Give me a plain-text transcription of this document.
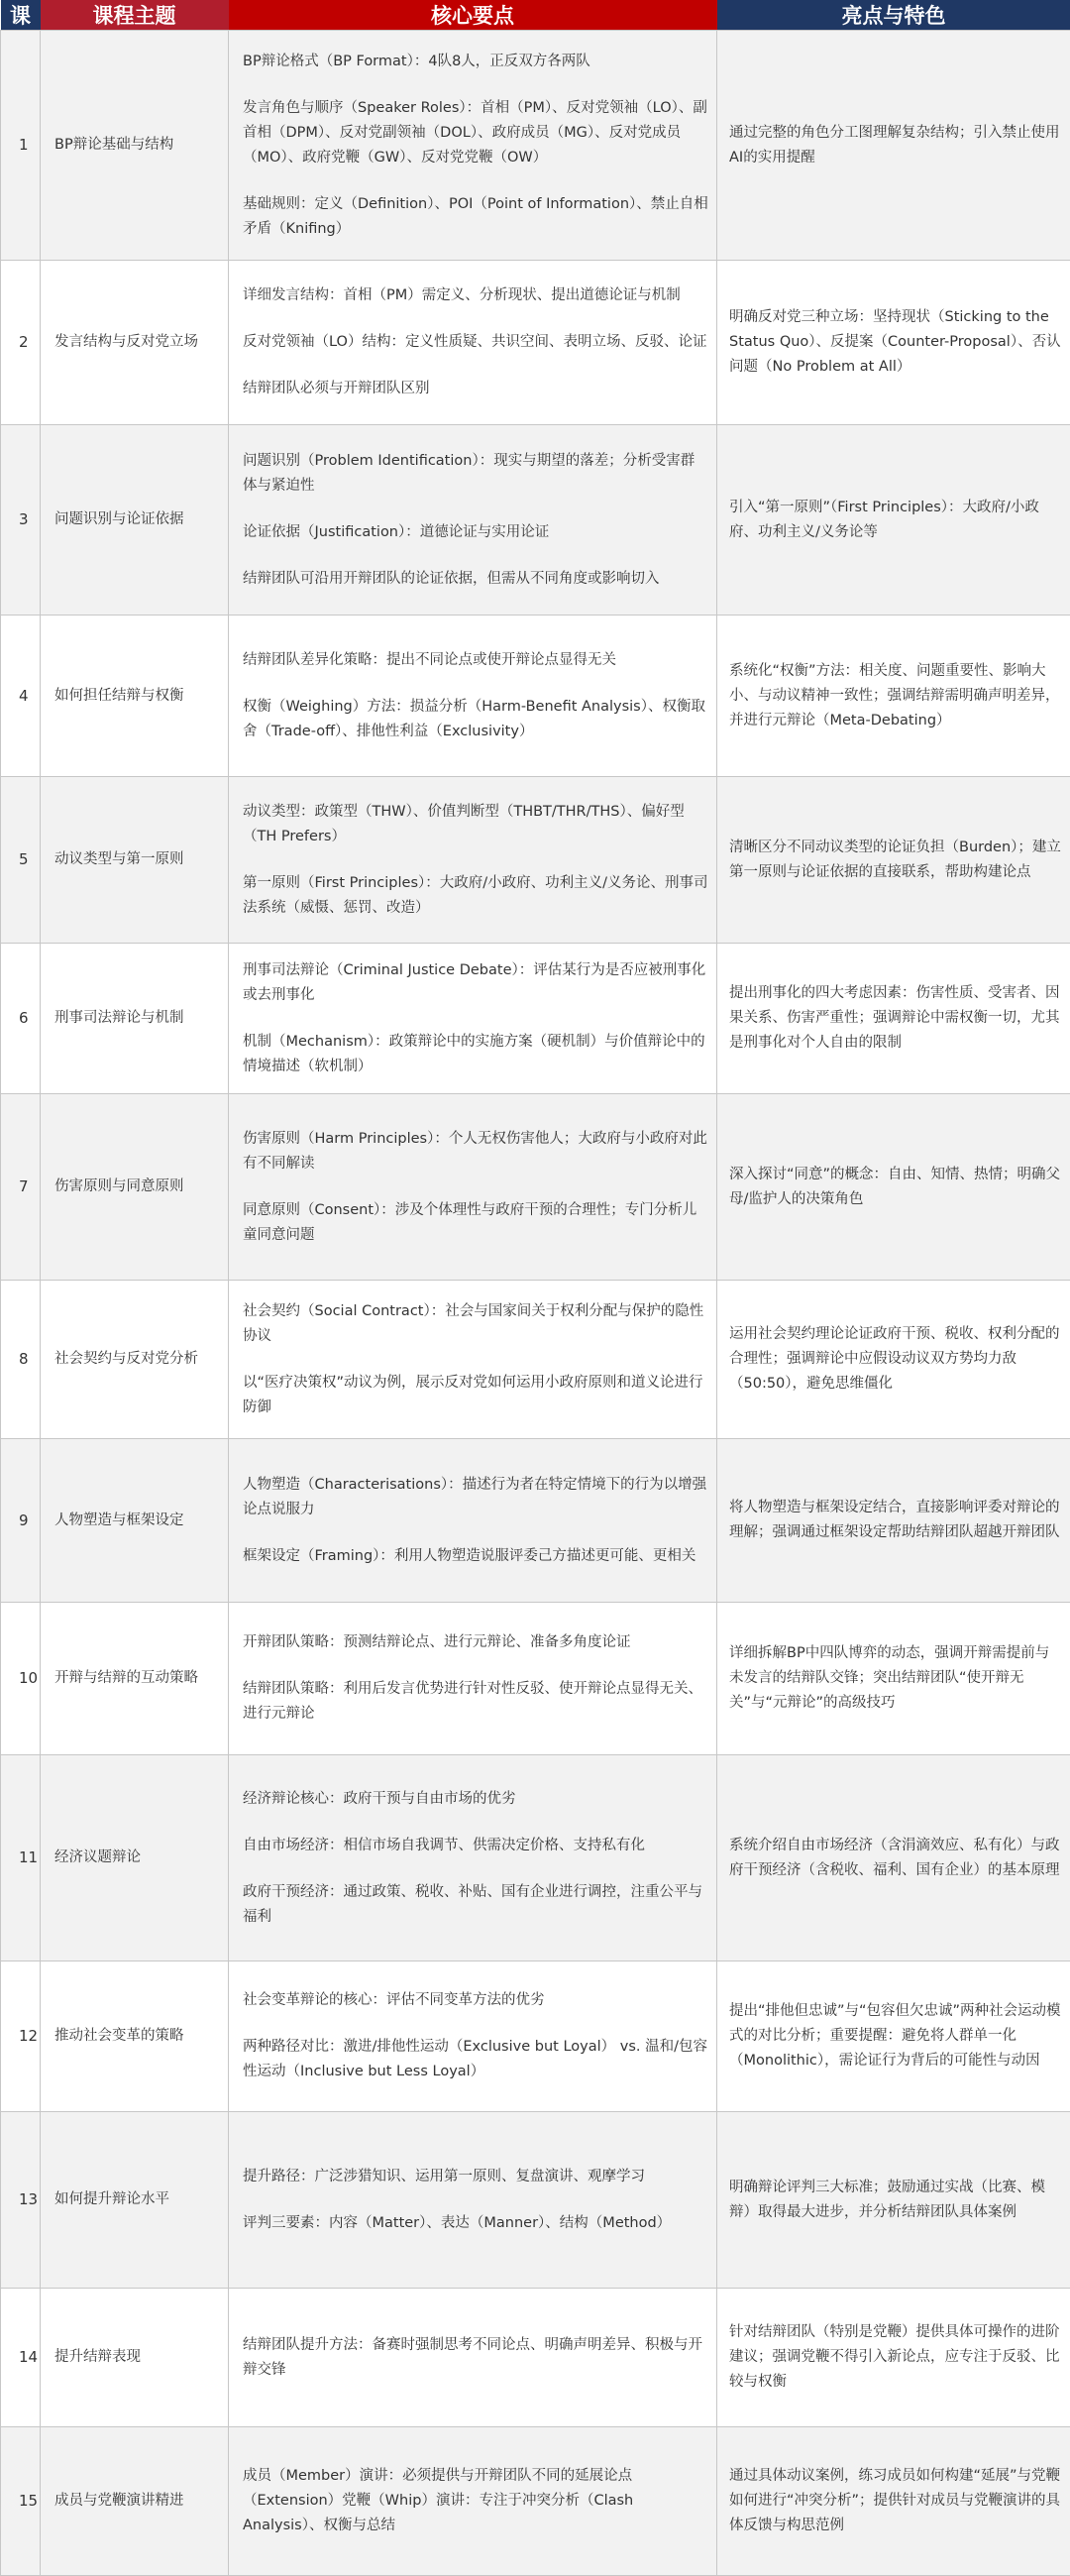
课	课程主题	核心要点	亮点与特色
1	BP辩论基础与结构	BP辩论格式（BP Format）：4队8人，正反双方各两队

发言角色与顺序（Speaker Roles）：首相（PM）、反对党领袖（LO）、副首相（DPM）、反对党副领袖（DOL）、政府成员（MG）、反对党成员（MO）、政府党鞭（GW）、反对党党鞭（OW）

基础规则：定义（Definition）、POI（Point of Information）、禁止自相矛盾（Knifing）	通过完整的角色分工图理解复杂结构；引入禁止使用AI的实用提醒
2	发言结构与反对党立场	详细发言结构：首相（PM）需定义、分析现状、提出道德论证与机制

反对党领袖（LO）结构：定义性质疑、共识空间、表明立场、反驳、论证

结辩团队必须与开辩团队区别	明确反对党三种立场：坚持现状（Sticking to the Status Quo）、反提案（Counter-Proposal）、否认问题（No Problem at All）
3	问题识别与论证依据	问题识别（Problem Identification）：现实与期望的落差；分析受害群体与紧迫性

论证依据（Justification）：道德论证与实用论证

结辩团队可沿用开辩团队的论证依据，但需从不同角度或影响切入	引入“第一原则”（First Principles）：大政府/小政府、功利主义/义务论等
4	如何担任结辩与权衡	结辩团队差异化策略：提出不同论点或使开辩论点显得无关

权衡（Weighing）方法：损益分析（Harm-Benefit Analysis）、权衡取舍（Trade-off）、排他性利益（Exclusivity）	系统化“权衡”方法：相关度、问题重要性、影响大小、与动议精神一致性；强调结辩需明确声明差异，并进行元辩论（Meta-Debating）
5	动议类型与第一原则	动议类型：政策型（THW）、价值判断型（THBT/THR/THS）、偏好型（TH Prefers）

第一原则（First Principles）：大政府/小政府、功利主义/义务论、刑事司法系统（威慑、惩罚、改造）	清晰区分不同动议类型的论证负担（Burden）；建立第一原则与论证依据的直接联系，帮助构建论点
6	刑事司法辩论与机制	刑事司法辩论（Criminal Justice Debate）：评估某行为是否应被刑事化或去刑事化

机制（Mechanism）：政策辩论中的实施方案（硬机制）与价值辩论中的情境描述（软机制）	提出刑事化的四大考虑因素：伤害性质、受害者、因果关系、伤害严重性；强调辩论中需权衡一切，尤其是刑事化对个人自由的限制
7	伤害原则与同意原则	伤害原则（Harm Principles）：个人无权伤害他人；大政府与小政府对此有不同解读

同意原则（Consent）：涉及个体理性与政府干预的合理性；专门分析儿童同意问题	深入探讨“同意”的概念：自由、知情、热情；明确父母/监护人的决策角色
8	社会契约与反对党分析	社会契约（Social Contract）：社会与国家间关于权利分配与保护的隐性协议

以“医疗决策权”动议为例，展示反对党如何运用小政府原则和道义论进行防御	运用社会契约理论论证政府干预、税收、权利分配的合理性；强调辩论中应假设动议双方势均力敌（50:50），避免思维僵化
9	人物塑造与框架设定	人物塑造（Characterisations）：描述行为者在特定情境下的行为以增强论点说服力

框架设定（Framing）：利用人物塑造说服评委己方描述更可能、更相关	将人物塑造与框架设定结合，直接影响评委对辩论的理解；强调通过框架设定帮助结辩团队超越开辩团队
10	开辩与结辩的互动策略	开辩团队策略：预测结辩论点、进行元辩论、准备多角度论证

结辩团队策略：利用后发言优势进行针对性反驳、使开辩论点显得无关、进行元辩论	详细拆解BP中四队博弈的动态，强调开辩需提前与未发言的结辩队交锋；突出结辩团队“使开辩无关”与“元辩论”的高级技巧
11	经济议题辩论	经济辩论核心：政府干预与自由市场的优劣

自由市场经济：相信市场自我调节、供需决定价格、支持私有化

政府干预经济：通过政策、税收、补贴、国有企业进行调控，注重公平与福利	系统介绍自由市场经济（含涓滴效应、私有化）与政府干预经济（含税收、福利、国有企业）的基本原理
12	推动社会变革的策略	社会变革辩论的核心：评估不同变革方法的优劣

两种路径对比：激进/排他性运动（Exclusive but Loyal） vs. 温和/包容性运动（Inclusive but Less Loyal）	提出“排他但忠诚”与“包容但欠忠诚”两种社会运动模式的对比分析；重要提醒：避免将人群单一化（Monolithic），需论证行为背后的可能性与动因
13	如何提升辩论水平	提升路径：广泛涉猎知识、运用第一原则、复盘演讲、观摩学习

评判三要素：内容（Matter）、表达（Manner）、结构（Method）	明确辩论评判三大标准；鼓励通过实战（比赛、模辩）取得最大进步，并分析结辩团队具体案例
14	提升结辩表现	结辩团队提升方法：备赛时强制思考不同论点、明确声明差异、积极与开辩交锋	针对结辩团队（特别是党鞭）提供具体可操作的进阶建议；强调党鞭不得引入新论点，应专注于反驳、比较与权衡
15	成员与党鞭演讲精进	成员（Member）演讲：必须提供与开辩团队不同的延展论点（Extension）党鞭（Whip）演讲：专注于冲突分析（Clash Analysis）、权衡与总结	通过具体动议案例，练习成员如何构建“延展”与党鞭如何进行“冲突分析”；提供针对成员与党鞭演讲的具体反馈与构思范例
